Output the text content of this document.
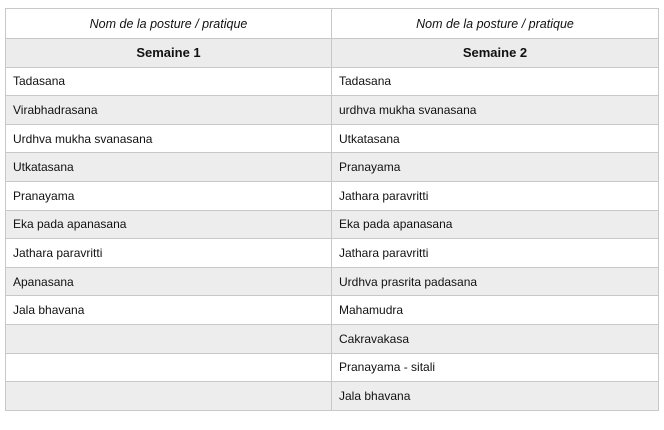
Nom de la posture / pratique	Nom de la posture / pratique
Semaine 1	Semaine 2
Tadasana	Tadasana
Virabhadrasana	urdhva mukha svanasana
Urdhva mukha svanasana	Utkatasana
Utkatasana	Pranayama
Pranayama	Jathara paravritti
Eka pada apanasana	Eka pada apanasana
Jathara paravritti	Jathara paravritti
Apanasana	Urdhva prasrita padasana
Jala bhavana	Mahamudra
	Cakravakasa
	Pranayama - sitali
	Jala bhavana
